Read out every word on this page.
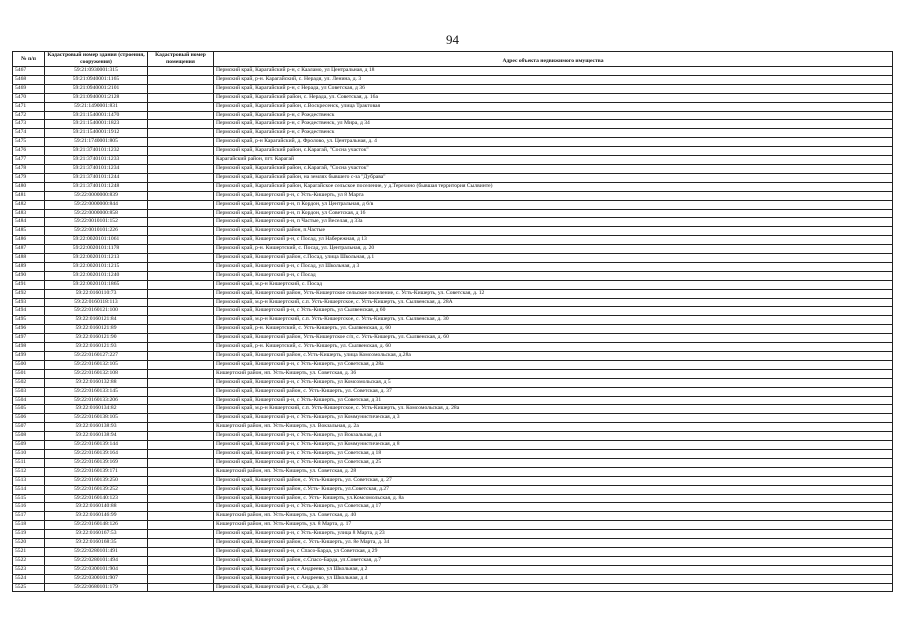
94
№ п/п	Кадастровый номер здания (строения, сооружения)	Кадастровый номер помещения	Адрес объекта недвижимого имущества
5467	59:21:0930001:315		Пермский край, Карагайский р-н, с Кааламо, ул Центральная, д 18
5468	59:21:0940001:1165		Пермский край, р-н. Карагайский, с. Нерадя, ул. Ленина, д. 3
5469	59:21:0940001:2101		Пермский край, Карагайский р-н, с Нерада, ул Советская, д 36
5470	59:21:0940001:2128		Пермский край, Карагайский район, с. Нерада, ул. Советская, д. 16а
5471	59:21:1490001:831		Пермский край, Карагайский район, с.Воскресенск, улица Трактовая
5472	59:21:1540001:1470		Пермский край, Карагайский р-н, с Рождественск
5473	59:21:1540001:1823		Пермский край, Карагайский р-н, с Рождественск, ул Мира, д 34
5474	59:21:1540001:1912		Пермский край, Карагайский р-н, с Рождественск
5475	59:21:1740001:805		Пермский край, р-н Карагайский, д. Фролово, ул. Центральная, д. 4
5476	59:21:3740101:1232		Пермский край, Карагайский район, с.Карагай, "Сосна участок"
5477	59:21:3740101:1233		Карагайский район, пгт. Карагай
5478	59:21:3740101:1234		Пермский край, Карагайский район, с.Карагай, "Сосна участок"
5479	59:21:3740101:1244		Пермский край, Карагайский район, на землях бывшего с-за "Дубрава"
5480	59:21:3740101:1248		Пермский край, Карагайский район, Карагайское сельское поселение, у д.Терехино (бывшая территория Сылвинте)
5481	59:22:0000000:839		Пермский край, Кишертский р-н, с Усть-Кишерть, ул 8 Марта
5482	59:22:0000000:844		Пермский край, Кишертский р-н, п Кордон, ул Центральная, д 6/в
5483	59:22:0000000:858		Пермский край, Кишертский р-н, п Кордон, ул Советская, д 16
5484	59:22:0010101:152		Пермский край, Кишертский р-н, п Частые, ул Веселая, д 33а
5485	59:22:0010101:226		Пермский край, Кишертский район, п.Частые
5486	59:22:0020101:1061		Пермский край, Кишертский р-н, с Посад, ул Набережная, д 13
5487	59:22:0020101:1178		Пермский край, р-н. Кишертский, с. Посад, ул. Центральная, д. 20
5488	59:22:0020101:1213		Пермский край, Кишертский район, с.Посад, улица Школьная, д.1
5489	59:22:0020101:1215		Пермский край, Кишертский р-н, с Посад, ул Школьная, д 3
5490	59:22:0020101:1240		Пермский край, Кишертский р-н, с Посад
5491	59:22:0020101:1865		Пермский край, м.р-н Кишертский, с. Посад
5492	59:22:0160110:73		Пермский край, Кишертский район, Усть-Кишертское сельское поселение, с. Усть-Кишерть, ул. Советская, д. 12
5493	59:22:0160118:113		Пермский край, м.р-н Кишертский, с.п. Усть-Кишертское, с. Усть-Кишерть, ул. Сылвенская, д. 28А
5494	59:22:0160121:100		Пермский край, Кишертский р-н, с Усть-Кишерть, ул Сылвенская, д 60
5495	59:22:0160121:84		Пермский край, м.р-н Кишертский, с.п. Усть-Кишертское, с. Усть-Кишерть, ул. Сылвенская, д. 30
5496	59:22:0160121:89		Пермский край, р-н. Кишертский, с. Усть-Кишерть, ул. Сылвенская, д. 60
5497	59:22:0160121:90		Пермский край, Кишертский район, Усть-Кишертское с/п, с. Усть-Кишерть, ул. Сылвенская, д. 60
5498	59:22:0160121:93		Пермский край, р-н. Кишертский, с. Усть-Кишерть, ул. Сылвенская, д. 60
5499	59:22:0160127:227		Пермский край, Кишертский район, с.Усть-Кишерть, улица Комсомольская, д.28а
5500	59:22:0160132:105		Пермский край, Кишертский р-н, с Усть-Кишерть, ул Советская, д 28а
5501	59:22:0160132:108		Кишертский район, нп. Усть-Кишерть, ул. Советская, д. 36
5502	59:22:0160132:88		Пермский край, Кишертский р-н, с Усть-Кишерть, ул Комсомольская, д 5
5503	59:22:0160133:145		Пермский край, Кишертский район, с. Усть-Кишерть, ул. Советская, д. 37
5504	59:22:0160133:206		Пермский край, Кишертский р-н, с Усть-Кишерть, ул Советская, д 31
5505	59:22:0160134:82		Пермский край, м.р-н Кишертский, с.п. Усть-Кишертское, с. Усть-Кишерть, ул. Комсомольская, д. 28а
5506	59:22:0160138:105		Пермский край, Кишертский р-н, с Усть-Кишерть, ул Коммунистическая, д 3
5507	59:22:0160138:93		Кишертский район, нп. Усть-Кишерть, ул. Вокзальная, д. 2а
5508	59:22:0160138:94		Пермский край, Кишертский р-н, с Усть-Кишерть, ул Вокзальная, д 4
5509	59:22:0160139:144		Пермский край, Кишертский р-н, с Усть-Кишерть, ул Коммунистическая, д 8
5510	59:22:0160139:164		Пермский край, Кишертский р-н, с Усть-Кишерть, ул Советская, д 18
5511	59:22:0160139:169		Пермский край, Кишертский р-н, с Усть-Кишерть, ул Советская, д 25
5512	59:22:0160139:171		Кишертский район, нп. Усть-Кишерть, ул. Советская, д. 28
5513	59:22:0160139:250		Пермский край, Кишертский район, с. Усть-Кишерть, ул. Советская, д. 27
5514	59:22:0160139:252		Пермский край, Кишертский район, с.Усть- Кишерть, ул.Советская, д.27
5515	59:22:0160140:123		Пермский край, Кишертский район, с. Усть- Кишерть, ул.Комсомольская, д. 8а
5516	59:22:0160140:88		Пермский край, Кишертский р-н, с Усть-Кишерть, ул Советская, д 17
5517	59:22:0160146:99		Кишертский район, нп. Усть-Кишерть, ул. Советская, д. 40
5518	59:22:0160148:126		Кишертский район, нп. Усть-Кишерть, ул. 8 Марта, д. 17
5519	59:22:0160167:53		Пермский край, Кишертский р-н, с Усть-Кишерть, улица 8 Марта, д 23
5520	59:22:0160168:35		Пермский край, Кишертский район, с. Усть-Кишерть, ул. 8е Марта, д. 34
5521	59:22:0280101:491		Пермский край, Кишертский р-н, с Спасо-Барда, ул Советская, д 29
5522	59:22:0280101:494		Пермский край, Кишертский район, с.Спасо-Барда, ул.Советская, д.7
5523	59:22:0300101:904		Пермский край, Кишертский р-н, с Андреево, ул Школьная, д 2
5524	59:22:0300101:907		Пермский край, Кишертский р-н, с Андреево, ул Школьная, д 4
5525	59:22:0680101:179		Пермский край, Кишертский р-н, с. Седа, д. 38
